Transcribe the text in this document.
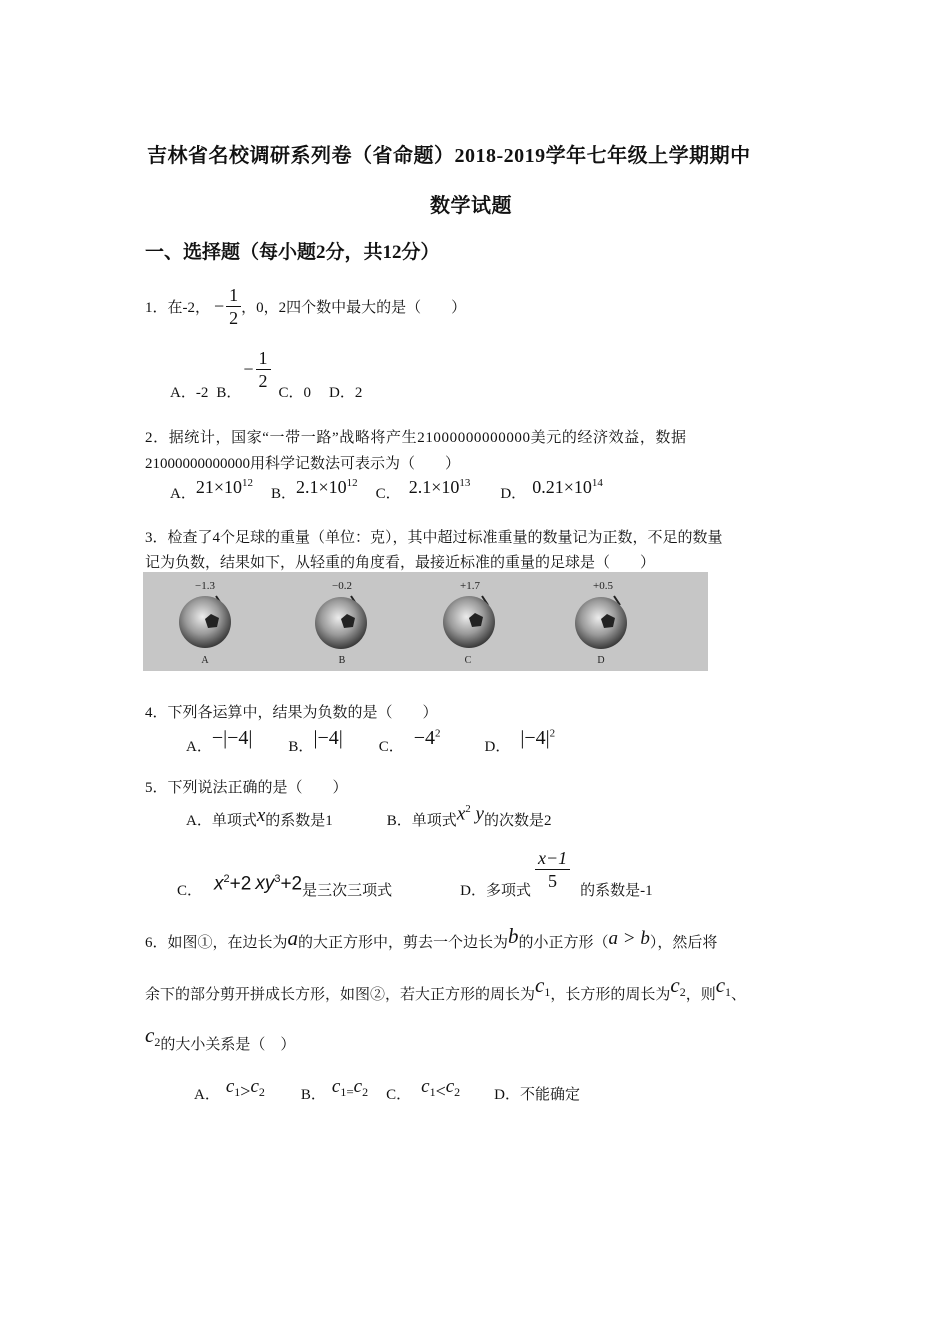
吉林省名校调研系列卷（省命题）2018-2019学年七年级上学期期中
数学试题
一、选择题（每小题2分，共12分）
1．在-2， − $\frac{1}{2}$ ，0，2四个数中最大的是（　　）
A．-2 B．
− $\frac{1}{2}$
C．0 D．2
2．据统计，国家“一带一路”战略将产生21000000000000美元的经济效益，数据
21000000000000用科学记数法可表示为（　　）
A． $21\times 10^{12}$
B． $2.1\times 10^{12}$
C． $2.1\times 10^{13}$
D． $0.21\times 10^{14}$
3．检查了4个足球的重量（单位：克），其中超过标准重量的数量记为正数，不足的数量
记为负数，结果如下，从轻重的角度看，最接近标准的重量的足球是（　　）
−1.3
A
−0.2
B
+1.7
C
+0.5
D
4．下列各运算中，结果为负数的是（　　）
A． −|−4| B． |−4| C． $-4^2$
D． $|-4|^2$
5．下列说法正确的是（　　）
A．单项式 x 的系数是1	B．单项式 $x^2$ y 的次数是2
C． $x^2+2$ $xy^3+2$ 是三次三项式	D．多项式 $\frac{x-1}{5}$ 的系数是-1
6．如图①，在边长为 a 的大正方形中，剪去一个边长为 b 的小正方形（ a > b ），然后将
余下的部分剪开拼成长方形，如图②，若大正方形的周长为 $c_1$ ，长方形的周长为 $c_2$ ，则 $c_1$ 、
$c_2$ 的大小关系是（　）
A． $c_1 > c_2$ B． $c_1 = c_2$ C． $c_1 < c_2$ D． 不能确定
